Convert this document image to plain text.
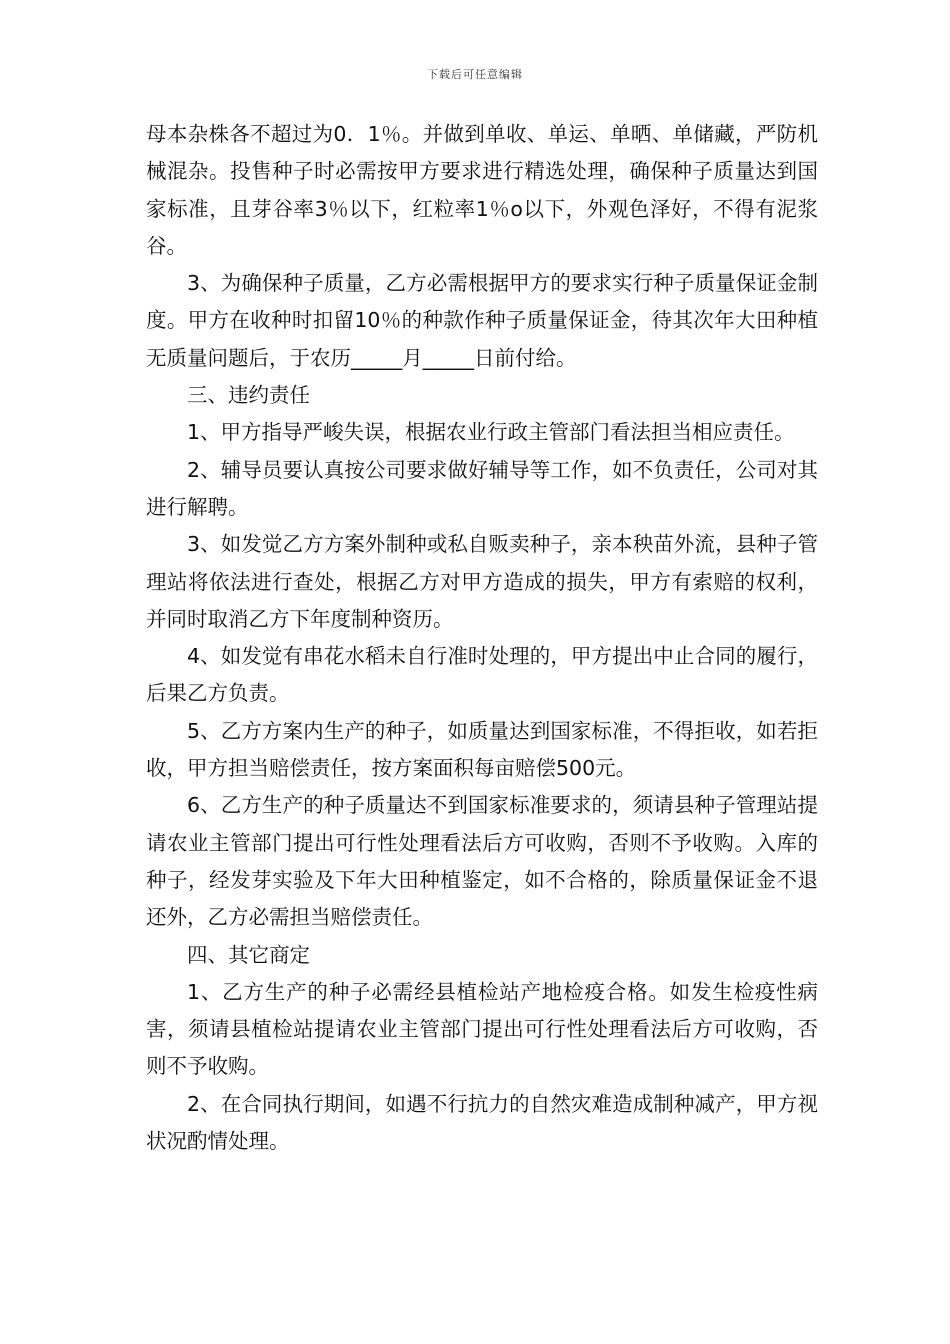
下载后可任意编辑

母本杂株各不超过为0．1％。并做到单收、单运、单晒、单储藏，严防机械混杂。投售种子时必需按甲方要求进行精选处理，确保种子质量达到国家标准，且芽谷率3％以下，红粒率1％o以下，外观色泽好，不得有泥浆谷。

3、为确保种子质量，乙方必需根据甲方的要求实行种子质量保证金制度。甲方在收种时扣留10％的种款作种子质量保证金，待其次年大田种植无质量问题后，于农历_____月_____日前付给。

三、违约责任

1、甲方指导严峻失误，根据农业行政主管部门看法担当相应责任。

2、辅导员要认真按公司要求做好辅导等工作，如不负责任，公司对其进行解聘。

3、如发觉乙方方案外制种或私自贩卖种子，亲本秧苗外流，县种子管理站将依法进行查处，根据乙方对甲方造成的损失，甲方有索赔的权利，并同时取消乙方下年度制种资历。

4、如发觉有串花水稻未自行准时处理的，甲方提出中止合同的履行，后果乙方负责。

5、乙方方案内生产的种子，如质量达到国家标准，不得拒收，如若拒收，甲方担当赔偿责任，按方案面积每亩赔偿500元。

6、乙方生产的种子质量达不到国家标准要求的，须请县种子管理站提请农业主管部门提出可行性处理看法后方可收购，否则不予收购。入库的种子，经发芽实验及下年大田种植鉴定，如不合格的，除质量保证金不退还外，乙方必需担当赔偿责任。

四、其它商定

1、乙方生产的种子必需经县植检站产地检疫合格。如发生检疫性病害，须请县植检站提请农业主管部门提出可行性处理看法后方可收购，否则不予收购。

2、在合同执行期间，如遇不行抗力的自然灾难造成制种减产，甲方视状况酌情处理。
